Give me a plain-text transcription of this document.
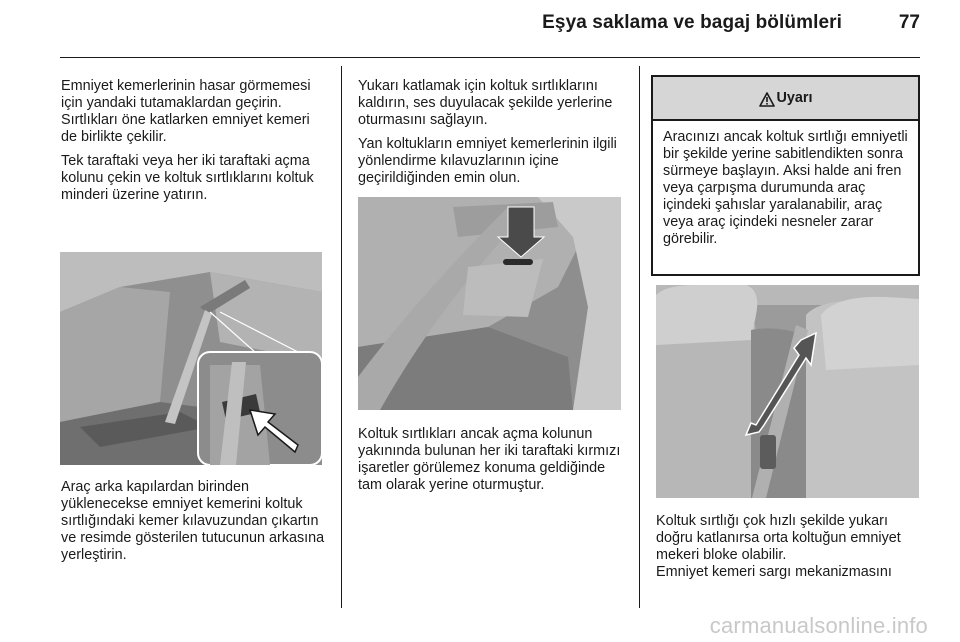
Eşya saklama ve bagaj bölümleri	77

Emniyet kemerlerinin hasar görmemesi için yandaki tutamaklardan geçirin. Sırtlıkları öne katlarken emniyet kemeri de birlikte çekilir.

Tek taraftaki veya her iki taraftaki açma kolunu çekin ve koltuk sırtlıklarını koltuk minderi üzerine yatırın.

Araç arka kapılardan birinden yüklenecekse emniyet kemerini koltuk sırtlığındaki kemer kılavuzundan çıkartın ve resimde gösterilen tutucunun arkasına yerleştirin.

Yukarı katlamak için koltuk sırtlıklarını kaldırın, ses duyulacak şekilde yerlerine oturmasını sağlayın.

Yan koltukların emniyet kemerlerinin ilgili yönlendirme kılavuzlarının içine geçirildiğinden emin olun.

Koltuk sırtlıkları ancak açma kolunun yakınında bulunan her iki taraftaki kırmızı işaretler görülemez konuma geldiğinde tam olarak yerine oturmuştur.

Uyarı
Aracınızı ancak koltuk sırtlığı emniyetli bir şekilde yerine sabitlendikten sonra sürmeye başlayın. Aksi halde ani fren veya çarpışma durumunda araç içindeki şahıslar yaralanabilir, araç veya araç içindeki nesneler zarar görebilir.

Koltuk sırtlığı çok hızlı şekilde yukarı doğru katlanırsa orta koltuğun emniyet mekeri bloke olabilir.

Emniyet kemeri sargı mekanizmasını

carmanualsonline.info
